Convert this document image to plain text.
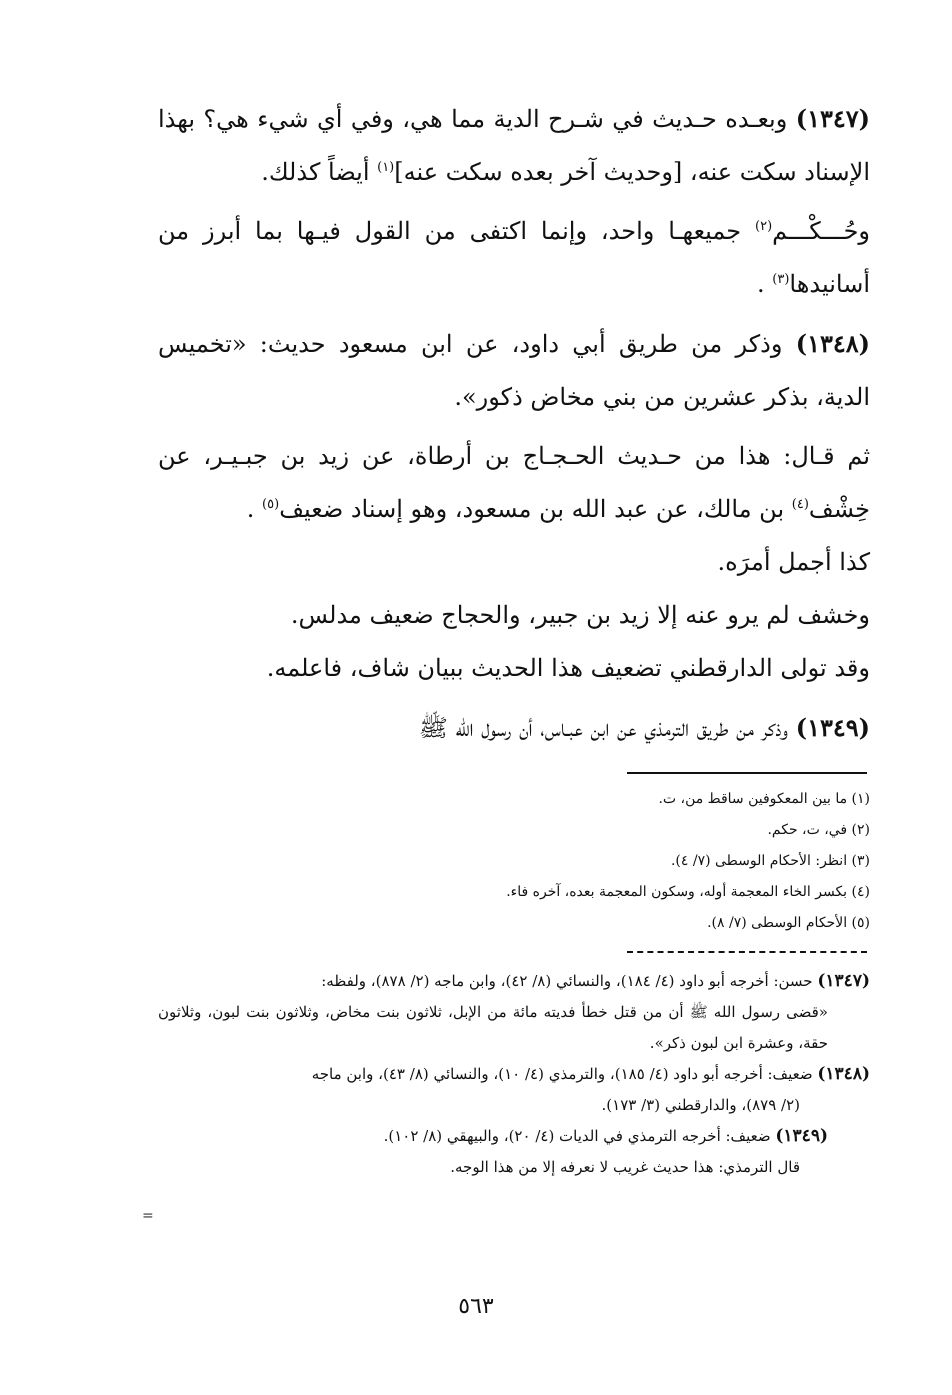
(١٣٤٧) وبعـده حـديث في شـرح الدية مما هي، وفي أي شيء هي؟ بهذا الإسناد سكت عنه، [وحديث آخر بعده سكت عنه]$^{(١)}$ أيضاً كذلك.

وحُـــكْـــم$^{(٢)}$ جميعهـا واحد، وإنما اكتفى من القول فيـها بما أبرز من أسانيدها$^{(٣)}$ .

(١٣٤٨) وذكر من طريق أبي داود، عن ابن مسعود حديث: «تخميس الدية، بذكر عشرين من بني مخاض ذكور».

ثم قـال: هذا من حـديث الحـجـاج بن أرطاة، عن زيد بن جبـيـر، عن خِشْف$^{(٤)}$ بن مالك، عن عبد الله بن مسعود، وهو إسناد ضعيف$^{(٥)}$ .

كذا أجمل أمرَه.

وخشف لم يرو عنه إلا زيد بن جبير، والحجاج ضعيف مدلس.

وقد تولى الدارقطني تضعيف هذا الحديث ببيان شاف، فاعلمه.

(١٣٤٩) وذكر من طريق الترمذي عن ابن عبـاس، أن رسول الله ﷺ

(١) ما بين المعكوفين ساقط من، ت.

(٢) في، ت، حكم.

(٣) انظر: الأحكام الوسطى (٧/ ٤).

(٤) بكسر الخاء المعجمة أوله، وسكون المعجمة بعده، آخره فاء.

(٥) الأحكام الوسطى (٧/ ٨).

(١٣٤٧) حسن: أخرجه أبو داود (٤/ ١٨٤)، والنسائي (٨/ ٤٢)، وابن ماجه (٢/ ٨٧٨)، ولفظه:

«قضى رسول الله ﷺ أن من قتل خطأ فديته مائة من الإبل، ثلاثون بنت مخاض، وثلاثون بنت لبون، وثلاثون حقة، وعشرة ابن لبون ذكر».

(١٣٤٨) ضعيف: أخرجه أبو داود (٤/ ١٨٥)، والترمذي (٤/ ١٠)، والنسائي (٨/ ٤٣)، وابن ماجه

(٢/ ٨٧٩)، والدارقطني (٣/ ١٧٣).

(١٣٤٩) ضعيف: أخرجه الترمذي في الديات (٤/ ٢٠)، والبيهقي (٨/ ١٠٢).

قال الترمذي: هذا حديث غريب لا نعرفه إلا من هذا الوجه.

=
٥٦٣
